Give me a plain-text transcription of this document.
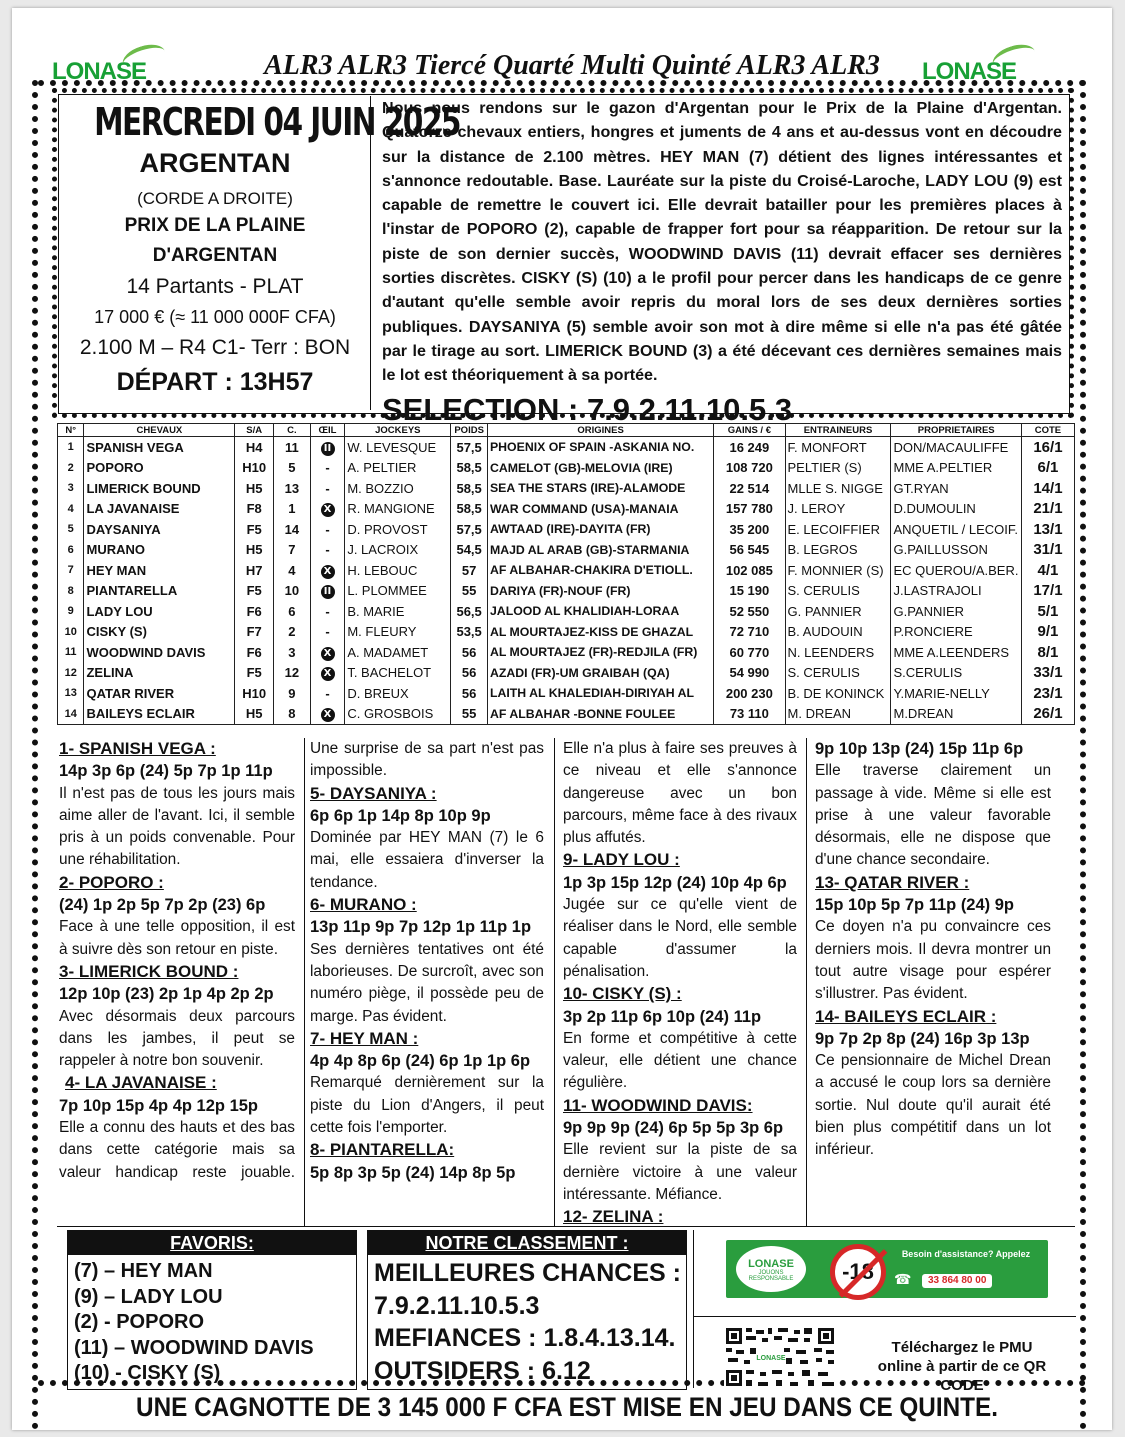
LONASE	ALR3 ALR3 Tiercé Quarté Multi Quinté ALR3 ALR3	LONASE
MERCREDI 04 JUIN 2025
ARGENTAN
(CORDE A DROITE)
PRIX DE LA PLAINE
D'ARGENTAN
14 Partants - PLAT
17 000 € (≈ 11 000 000F CFA)
2.100 M – R4 C1- Terr : BON
DÉPART : 13H57
Nous nous rendons sur le gazon d'Argentan pour le Prix de la Plaine d'Argentan. Quatorze chevaux entiers, hongres et juments de 4 ans et au-dessus vont en découdre sur la distance de 2.100 mètres. HEY MAN (7) détient des lignes intéressantes et s'annonce redoutable. Base. Lauréate sur la piste du Croisé-Laroche, LADY LOU (9) est capable de remettre le couvert ici. Elle devrait batailler pour les premières places à l'instar de POPORO (2), capable de frapper fort pour sa réapparition. De retour sur la piste de son dernier succès, WOODWIND DAVIS (11) devrait effacer ses dernières sorties discrètes. CISKY (S) (10) a le profil pour percer dans les handicaps de ce genre d'autant qu'elle semble avoir repris du moral lors de ses deux dernières sorties publiques. DAYSANIYA (5) semble avoir son mot à dire même si elle n'a pas été gâtée par le tirage au sort. LIMERICK BOUND (3) a été décevant ces dernières semaines mais le lot est théoriquement à sa portée.
SELECTION : 7.9.2.11.10.5.3
N°	CHEVAUX	S/A	C.	ŒIL	JOCKEYS	POIDS	ORIGINES	GAINS / €	ENTRAINEURS	PROPRIETAIRES	COTE
1	SPANISH VEGA	H4	11	II	W. LEVESQUE	57,5	PHOENIX OF SPAIN -ASKANIA NO.	16 249	F. MONFORT	DON/MACAULIFFE	16/1
2	POPORO	H10	5	-	A. PELTIER	58,5	CAMELOT (GB)-MELOVIA (IRE)	108 720	PELTIER (S)	MME A.PELTIER	6/1
3	LIMERICK BOUND	H5	13	-	M. BOZZIO	58,5	SEA THE STARS (IRE)-ALAMODE	22 514	MLLE S. NIGGE	GT.RYAN	14/1
4	LA JAVANAISE	F8	1	X	R. MANGIONE	58,5	WAR COMMAND (USA)-MANAIA	157 780	J. LEROY	D.DUMOULIN	21/1
5	DAYSANIYA	F5	14	-	D. PROVOST	57,5	AWTAAD (IRE)-DAYITA (FR)	35 200	E. LECOIFFIER	ANQUETIL / LECOIF.	13/1
6	MURANO	H5	7	-	J. LACROIX	54,5	MAJD AL ARAB (GB)-STARMANIA	56 545	B. LEGROS	G.PAILLUSSON	31/1
7	HEY MAN	H7	4	X	H. LEBOUC	57	AF ALBAHAR-CHAKIRA D'ETIOLL.	102 085	F. MONNIER (S)	EC QUEROU/A.BER.	4/1
8	PIANTARELLA	F5	10	II	L. PLOMMEE	55	DARIYA (FR)-NOUF (FR)	15 190	S. CERULIS	J.LASTRAJOLI	17/1
9	LADY LOU	F6	6	-	B. MARIE	56,5	JALOOD AL KHALIDIAH-LORAA	52 550	G. PANNIER	G.PANNIER	5/1
10	CISKY (S)	F7	2	-	M. FLEURY	53,5	AL MOURTAJEZ-KISS DE GHAZAL	72 710	B. AUDOUIN	P.RONCIERE	9/1
11	WOODWIND DAVIS	F6	3	X	A. MADAMET	56	AL MOURTAJEZ (FR)-REDJILA (FR)	60 770	N. LEENDERS	MME A.LEENDERS	8/1
12	ZELINA	F5	12	X	T. BACHELOT	56	AZADI (FR)-UM GRAIBAH (QA)	54 990	S. CERULIS	S.CERULIS	33/1
13	QATAR RIVER	H10	9	-	D. BREUX	56	LAITH AL KHALEDIAH-DIRIYAH AL	200 230	B. DE KONINCK	Y.MARIE-NELLY	23/1
14	BAILEYS ECLAIR	H5	8	X	C. GROSBOIS	55	AF ALBAHAR -BONNE FOULEE	73 110	M. DREAN	M.DREAN	26/1
1- SPANISH VEGA :
14p 3p 6p (24) 5p 7p 1p 11p
Il n'est pas de tous les jours mais aime aller de l'avant. Ici, il semble pris à un poids convenable. Pour une réhabilitation.
2- POPORO :
(24) 1p 2p 5p 7p 2p (23) 6p
Face à une telle opposition, il est à suivre dès son retour en piste.
3- LIMERICK BOUND :
12p 10p (23) 2p 1p 4p 2p 2p
Avec désormais deux parcours dans les jambes, il peut se rappeler à notre bon souvenir.
4- LA JAVANAISE :
7p 10p 15p 4p 4p 12p 15p
Elle a connu des hauts et des bas dans cette catégorie mais sa valeur handicap reste jouable.
Une surprise de sa part n'est pas impossible.
5- DAYSANIYA :
6p 6p 1p 14p 8p 10p 9p
Dominée par HEY MAN (7) le 6 mai, elle essaiera d'inverser la tendance.
6- MURANO :
13p 11p 9p 7p 12p 1p 11p 1p
Ses dernières tentatives ont été laborieuses. De surcroît, avec son numéro piège, il possède peu de marge. Pas évident.
7- HEY MAN :
4p 4p 8p 6p (24) 6p 1p 1p 6p
Remarqué dernièrement sur la piste du Lion d'Angers, il peut cette fois l'emporter.
8- PIANTARELLA:
5p 8p 3p 5p (24) 14p 8p 5p
Elle n'a plus à faire ses preuves à ce niveau et elle s'annonce dangereuse avec un bon parcours, même face à des rivaux plus affutés.
9- LADY LOU :
1p 3p 15p 12p (24) 10p 4p 6p
Jugée sur ce qu'elle vient de réaliser dans le Nord, elle semble capable d'assumer la pénalisation.
10- CISKY (S) :
3p 2p 11p 6p 10p (24) 11p
En forme et compétitive à cette valeur, elle détient une chance régulière.
11- WOODWIND DAVIS:
9p 9p 9p (24) 6p 5p 5p 3p 6p
Elle revient sur la piste de sa dernière victoire à une valeur intéressante. Méfiance.
12- ZELINA :
9p 10p 13p (24) 15p 11p 6p
Elle traverse clairement un passage à vide. Même si elle est prise à une valeur favorable désormais, elle ne dispose que d'une chance secondaire.
13- QATAR RIVER :
15p 10p 5p 7p 11p (24) 9p
Ce doyen n'a pu convaincre ces derniers mois. Il devra montrer un tout autre visage pour espérer s'illustrer. Pas évident.
14- BAILEYS ECLAIR :
9p 7p 2p 8p (24) 16p 3p 13p
Ce pensionnaire de Michel Drean a accusé le coup lors sa dernière sortie. Nul doute qu'il aurait été bien plus compétitif dans un lot inférieur.
FAVORIS:
(7) – HEY MAN
(9) – LADY LOU
(2) - POPORO
(11) – WOODWIND DAVIS
(10) - CISKY (S)
NOTRE CLASSEMENT :
MEILLEURES CHANCES :
7.9.2.11.10.5.3
MEFIANCES : 1.8.4.13.14.
OUTSIDERS : 6.12
LONASE
JOUONS RESPONSABLE	-18
Besoin d'assistance? Appelez
33 864 80 00
☎
LONASE
Téléchargez le PMU
online à partir de ce QR
CODE
UNE CAGNOTTE DE 3 145 000 F CFA EST MISE EN JEU DANS CE QUINTE.
